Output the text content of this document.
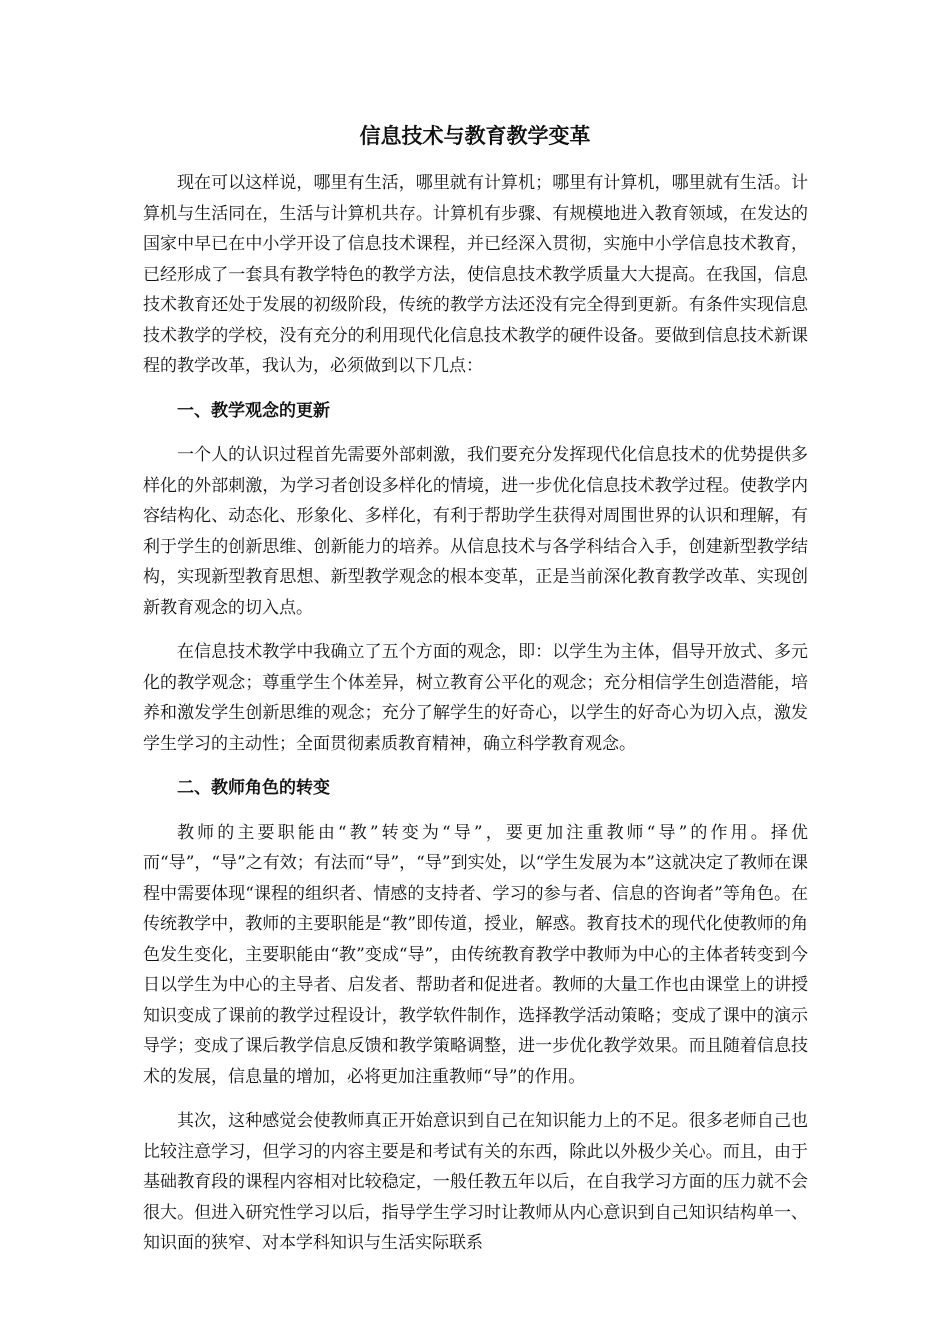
信息技术与教育教学变革

现在可以这样说，哪里有生活，哪里就有计算机；哪里有计算机，哪里就有生活。计算机与生活同在，生活与计算机共存。计算机有步骤、有规模地进入教育领域，在发达的国家中早已在中小学开设了信息技术课程，并已经深入贯彻，实施中小学信息技术教育，已经形成了一套具有教学特色的教学方法，使信息技术教学质量大大提高。在我国，信息技术教育还处于发展的初级阶段，传统的教学方法还没有完全得到更新。有条件实现信息技术教学的学校，没有充分的利用现代化信息技术教学的硬件设备。要做到信息技术新课程的教学改革，我认为，必须做到以下几点：

一、教学观念的更新

一个人的认识过程首先需要外部刺激，我们要充分发挥现代化信息技术的优势提供多样化的外部刺激，为学习者创设多样化的情境，进一步优化信息技术教学过程。使教学内容结构化、动态化、形象化、多样化，有利于帮助学生获得对周围世界的认识和理解，有利于学生的创新思维、创新能力的培养。从信息技术与各学科结合入手，创建新型教学结构，实现新型教育思想、新型教学观念的根本变革，正是当前深化教育教学改革、实现创新教育观念的切入点。

在信息技术教学中我确立了五个方面的观念，即：以学生为主体，倡导开放式、多元化的教学观念；尊重学生个体差异，树立教育公平化的观念；充分相信学生创造潜能，培养和激发学生创新思维的观念；充分了解学生的好奇心，以学生的好奇心为切入点，激发学生学习的主动性；全面贯彻素质教育精神，确立科学教育观念。

二、教师角色的转变

教师的主要职能由“教”转变为“导”，要更加注重教师“导”的作用。择优而“导”，“导”之有效；有法而“导”，“导”到实处，以“学生发展为本”这就决定了教师在课程中需要体现“课程的组织者、情感的支持者、学习的参与者、信息的咨询者”等角色。在传统教学中，教师的主要职能是“教”即传道，授业，解惑。教育技术的现代化使教师的角色发生变化，主要职能由“教”变成“导”，由传统教育教学中教师为中心的主体者转变到今日以学生为中心的主导者、启发者、帮助者和促进者。教师的大量工作也由课堂上的讲授知识变成了课前的教学过程设计，教学软件制作，选择教学活动策略；变成了课中的演示导学；变成了课后教学信息反馈和教学策略调整，进一步优化教学效果。而且随着信息技术的发展，信息量的增加，必将更加注重教师“导”的作用。

其次，这种感觉会使教师真正开始意识到自己在知识能力上的不足。很多老师自己也比较注意学习，但学习的内容主要是和考试有关的东西，除此以外极少关心。而且，由于基础教育段的课程内容相对比较稳定，一般任教五年以后，在自我学习方面的压力就不会很大。但进入研究性学习以后，指导学生学习时让教师从内心意识到自己知识结构单一、知识面的狭窄、对本学科知识与生活实际联系
